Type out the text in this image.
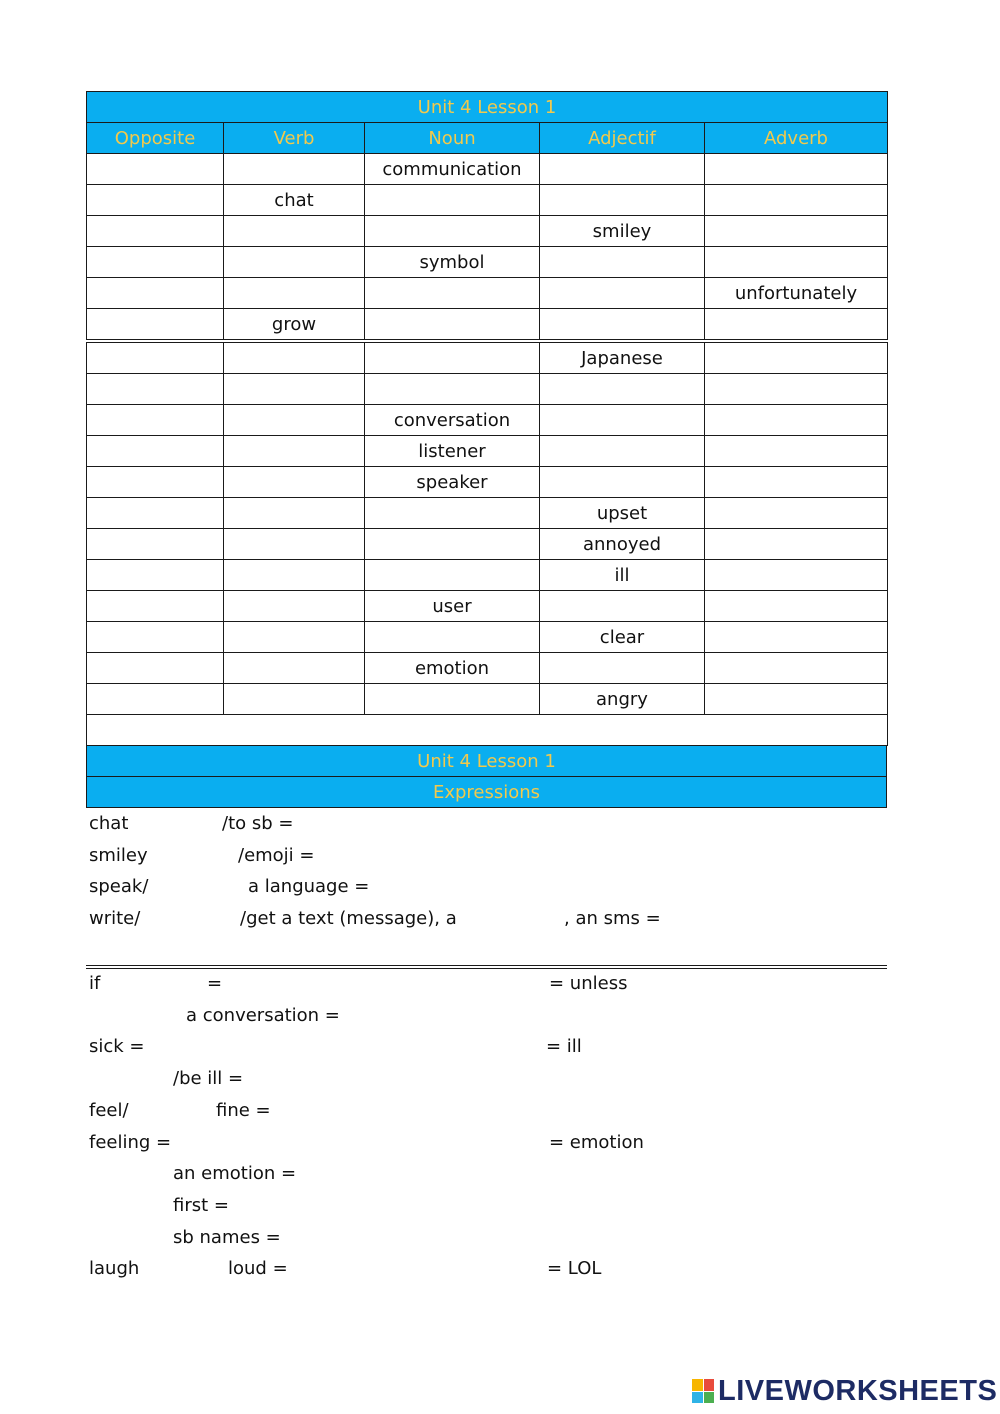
Unit 4 Lesson 1				
Opposite	Verb	Noun	Adjectif	Adverb
		communication		
	chat			
			smiley	
		symbol		
				unfortunately
	grow			
			Japanese	

		conversation		
		listener		
		speaker		
			upset	
			annoyed	
			ill	
		user		
			clear	
		emotion		
			angry	

Unit 4 Lesson 1
Expressions
chat	/to sb =
smiley	/emoji =
speak/	a language =
write/	/get a text (message), a	, an sms =
if	=	= unless
a conversation =
sick =	= ill
/be ill =
feel/	fine =
feeling =	= emotion
an emotion =
first =
sb names =
laugh	loud =	= LOL
LIVEWORKSHEETS
